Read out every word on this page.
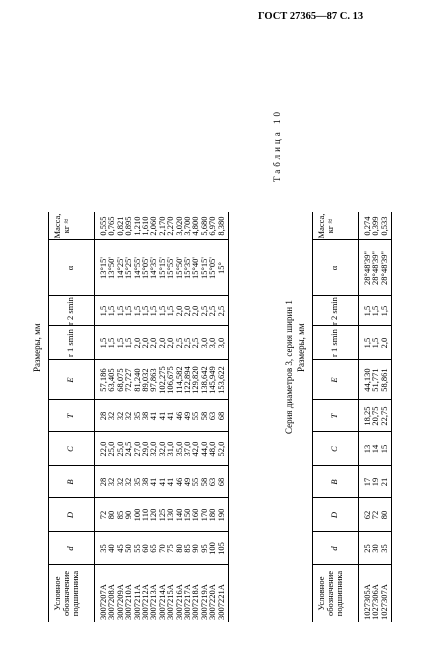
ГОСТ 27365—87 С. 13
Размеры, мм
Условное обозначение подшипника
d
D
B
C
T
E
r 1 smin
r 2 smin
α
Масса, кг ≈
3007207A
35
72
28
22,0
28
57,186
1,5
1,5
13°15'
0,555
3007208A
40
80
32
25,0
32
63,405
1,5
1,5
13°50'
0,765
3007209A
45
85
32
25,0
32
68,075
1,5
1,5
14°25'
0,821
3007210A
50
90
32
24,5
32
72,727
1,5
1,5
15°25'
0,895
3007211A
55
100
35
27,0
35
81,240
2,0
1,5
14°55'
1,210
3007212A
60
110
38
29,0
38
89,032
2,0
1,5
15°05'
1,610
3007213A
65
120
41
32,0
41
97,863
2,0
1,5
14°35'
2,060
3007214A
70
125
41
32,0
41
102,275
2,0
1,5
15°15'
2,170
3007215A
75
130
41
31,0
41
106,675
2,0
1,5
15°55'
2,270
3007216A
80
140
46
35,0
46
114,582
2,5
2,0
15°50'
3,020
3007217A
85
150
49
37,0
49
122,894
2,5
2,0
15°35'
3,700
3007218A
90
160
55
42,0
55
129,820
2,5
2,0
15°40'
4,800
3007219A
95
170
58
44,0
58
138,642
3,0
2,5
15°15'
5,680
3007220A
100
180
63
48,0
63
145,949
3,0
2,5
15°05'
6,970
3007221A
105
190
68
52,0
68
153,622
3,0
2,5
15°
8,380
Таблица 10
Серия диаметров 3, серия ширин 1 Размеры, мм
Условное обозначение подшипника
d
D
B
C
T
E
r 1 smin
r 2 smin
α
Масса, кг ≈
1027305A
25
62
17
13
18,25
44,130
1,5
1,5
28°48'39"
0,274
1027306A
30
72
19
14
20,75
51,771
1,5
1,5
28°48'39"
0,399
1027307A
35
80
21
15
22,75
58,861
2,0
1,5
28°48'39"
0,533
